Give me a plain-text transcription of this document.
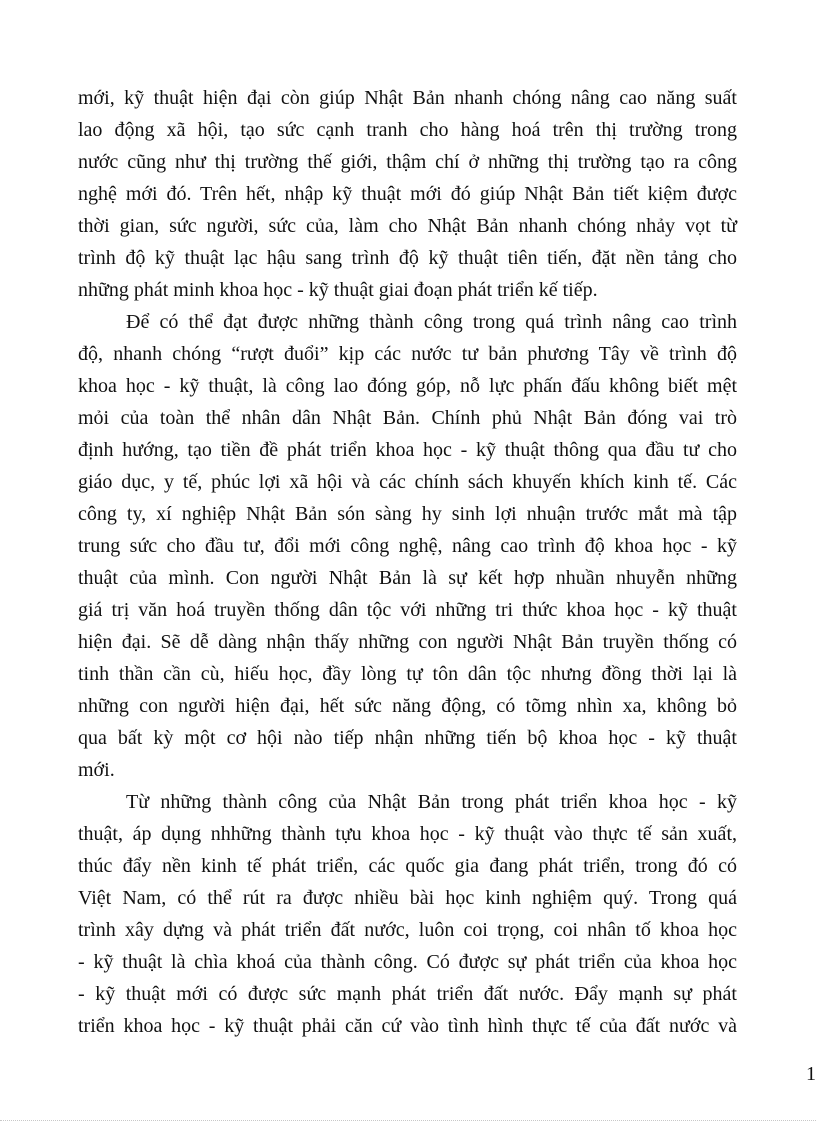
mới, kỹ thuật hiện đại còn giúp Nhật Bản nhanh chóng nâng cao năng suất
lao động xã hội, tạo sức cạnh tranh cho hàng hoá trên thị trường trong
nước cũng như thị trường thế giới, thậm chí ở những thị trường tạo ra công
nghệ mới đó. Trên hết, nhập kỹ thuật mới đó giúp Nhật Bản tiết kiệm được
thời gian, sức người, sức của, làm cho Nhật Bản nhanh chóng nhảy vọt từ
trình độ kỹ thuật lạc hậu sang trình độ kỹ thuật tiên tiến, đặt nền tảng cho
những phát minh khoa học - kỹ thuật giai đoạn phát triển kế tiếp.

Để có thể đạt được những thành công trong quá trình nâng cao trình
độ, nhanh chóng “rượt đuổi” kịp các nước tư bản phương Tây về trình độ
khoa học - kỹ thuật, là công lao đóng góp, nỗ lực phấn đấu không biết mệt
mỏi của toàn thể nhân dân Nhật Bản. Chính phủ Nhật Bản đóng vai trò
định hướng, tạo tiền đề phát triển khoa học - kỹ thuật thông qua đầu tư cho
giáo dục, y tế, phúc lợi xã hội và các chính sách khuyến khích kinh tế. Các
công ty, xí nghiệp Nhật Bản són sàng hy sinh lợi nhuận trước mắt mà tập
trung sức cho đầu tư, đổi mới công nghệ, nâng cao trình độ khoa học - kỹ
thuật của mình. Con người Nhật Bản là sự kết hợp nhuần nhuyễn những
giá trị văn hoá truyền thống dân tộc với những tri thức khoa học - kỹ thuật
hiện đại. Sẽ dễ dàng nhận thấy những con người Nhật Bản truyền thống có
tinh thần cần cù, hiếu học, đầy lòng tự tôn dân tộc nhưng đồng thời lại là
những con người hiện đại, hết sức năng động, có tõmg nhìn xa, không bỏ
qua bất kỳ một cơ hội nào tiếp nhận những tiến bộ khoa học - kỹ thuật
mới.

Từ những thành công của Nhật Bản trong phát triển khoa học - kỹ
thuật, áp dụng nhhững thành tựu khoa học - kỹ thuật vào thực tế sản xuất,
thúc đẩy nền kinh tế phát triển, các quốc gia đang phát triển, trong đó có
Việt Nam, có thể rút ra được nhiều bài học kinh nghiệm quý. Trong quá
trình xây dựng và phát triển đất nước, luôn coi trọng, coi nhân tố khoa học
- kỹ thuật là chìa khoá của thành công. Có được sự phát triển của khoa học
- kỹ thuật mới có được sức mạnh phát triển đất nước. Đẩy mạnh sự phát
triển khoa học - kỹ thuật phải căn cứ vào tình hình thực tế của đất nước và

1
